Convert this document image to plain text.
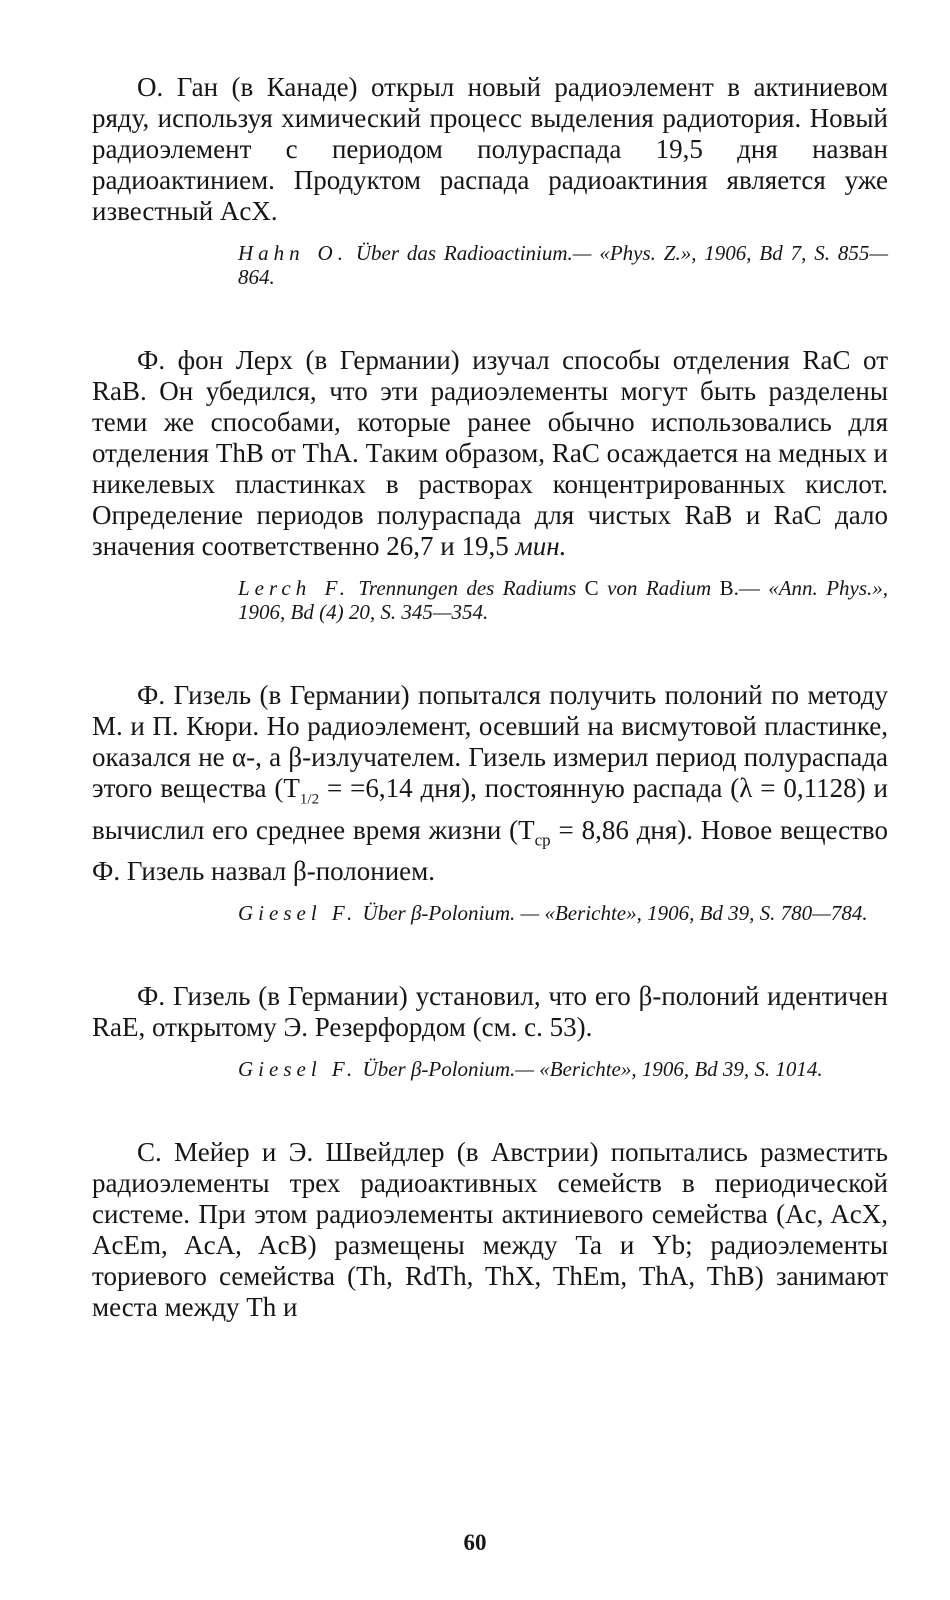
О. Ган (в Канаде) открыл новый радиоэлемент в актиниевом ряду, используя химический процесс выделения радиотория. Новый радиоэлемент с периодом полураспада 19,5 дня назван радиоактинием. Продуктом распада радиоактиния является уже известный AcX.

Hahn O. Über das Radioactinium.— «Phys. Z.», 1906, Bd 7, S. 855—864.

Ф. фон Лерх (в Германии) изучал способы отделения RaC от RaB. Он убедился, что эти радиоэлементы могут быть разделены теми же способами, которые ранее обычно использовались для отделения ThB от ThA. Таким образом, RaC осаждается на медных и никелевых пластинках в растворах концентрированных кислот. Определение периодов полураспада для чистых RaB и RaC дало значения соответственно 26,7 и 19,5 мин.

Lerch F. Trennungen des Radiums C von Radium B.— «Ann. Phys.», 1906, Bd (4) 20, S. 345—354.

Ф. Гизель (в Германии) попытался получить полоний по методу М. и П. Кюри. Но радиоэлемент, осевший на висмутовой пластинке, оказался не α-, а β-излучателем. Гизель измерил период полураспада этого вещества ($T_{1/2} = =6,14$ дня), постоянную распада (λ = 0,1128) и вычислил его среднее время жизни ($T_{ср} = 8,86$ дня). Новое вещество Ф. Гизель назвал β-полонием.

Giesel F. Über β-Polonium. — «Berichte», 1906, Bd 39, S. 780—784.

Ф. Гизель (в Германии) установил, что его β-полоний идентичен RaE, открытому Э. Резерфордом (см. с. 53).

Giesel F. Über β-Polonium.— «Berichte», 1906, Bd 39, S. 1014.

С. Мейер и Э. Швейдлер (в Австрии) попытались разместить радиоэлементы трех радиоактивных семейств в периодической системе. При этом радиоэлементы актиниевого семейства (Ac, AcX, AcEm, AcA, AcB) размещены между Ta и Yb; радиоэлементы ториевого семейства (Th, RdTh, ThX, ThEm, ThA, ThB) занимают места между Th и

60
